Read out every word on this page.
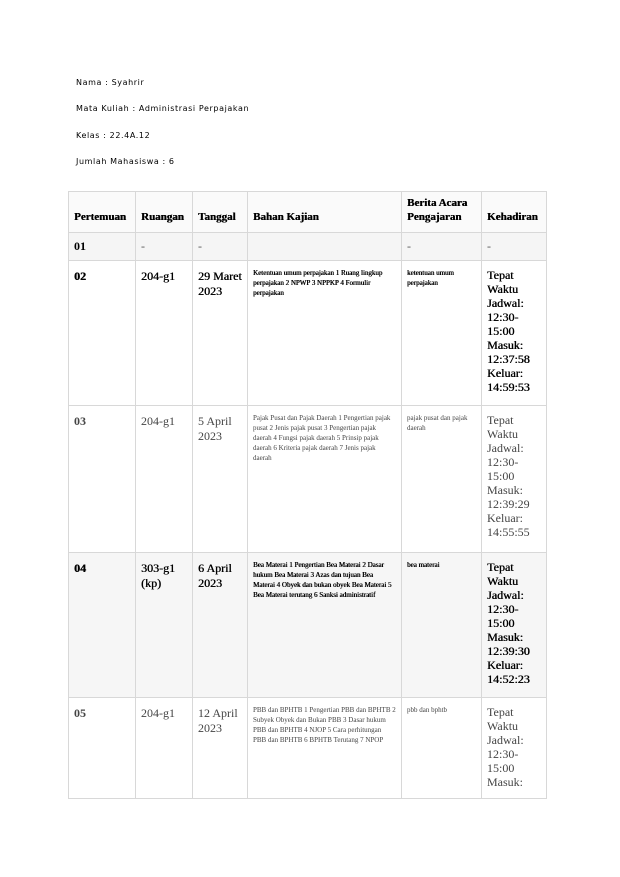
Nama : Syahrir
Mata Kuliah : Administrasi Perpajakan
Kelas : 22.4A.12
Jumlah Mahasiswa : 6
Pertemuan	Ruangan	Tanggal	Bahan Kajian	Berita Acara Pengajaran	Kehadiran
01	-	-		-	-
02	204-g1	29 Maret 2023	Ketentuan umum perpajakan 1 Ruang lingkup perpajakan 2 NPWP 3 NPPKP 4 Formulir perpajakan	ketentuan umum perpajakan	Tepat Waktu
Jadwal: 12:30-15:00
Masuk: 12:37:58
Keluar: 14:59:53

03	204-g1	5 April 2023	Pajak Pusat dan Pajak Daerah 1 Pengertian pajak pusat 2 Jenis pajak pusat 3 Pengertian pajak daerah 4 Fungsi pajak daerah 5 Prinsip pajak daerah 6 Kriteria pajak daerah 7 Jenis pajak daerah	pajak pusat dan pajak daerah	Tepat Waktu
Jadwal: 12:30-15:00
Masuk: 12:39:29
Keluar: 14:55:55

04	303-g1 (kp)	6 April 2023	Bea Materai 1 Pengertian Bea Materai 2 Dasar hukum Bea Materai 3 Azas dan tujuan Bea Materai 4 Obyek dan bukan obyek Bea Materai 5 Bea Materai terutang 6 Sanksi administratif	bea materai	Tepat Waktu
Jadwal: 12:30-15:00
Masuk: 12:39:30
Keluar: 14:52:23

05	204-g1	12 April 2023	PBB dan BPHTB 1 Pengertian PBB dan BPHTB 2 Subyek Obyek dan Bukan PBB 3 Dasar hukum PBB dan BPHTB 4 NJOP 5 Cara perhitungan PBB dan BPHTB 6 BPHTB Terutang 7 NPOP	pbb dan bphtb	Tepat Waktu
Jadwal: 12:30-15:00
Masuk:
